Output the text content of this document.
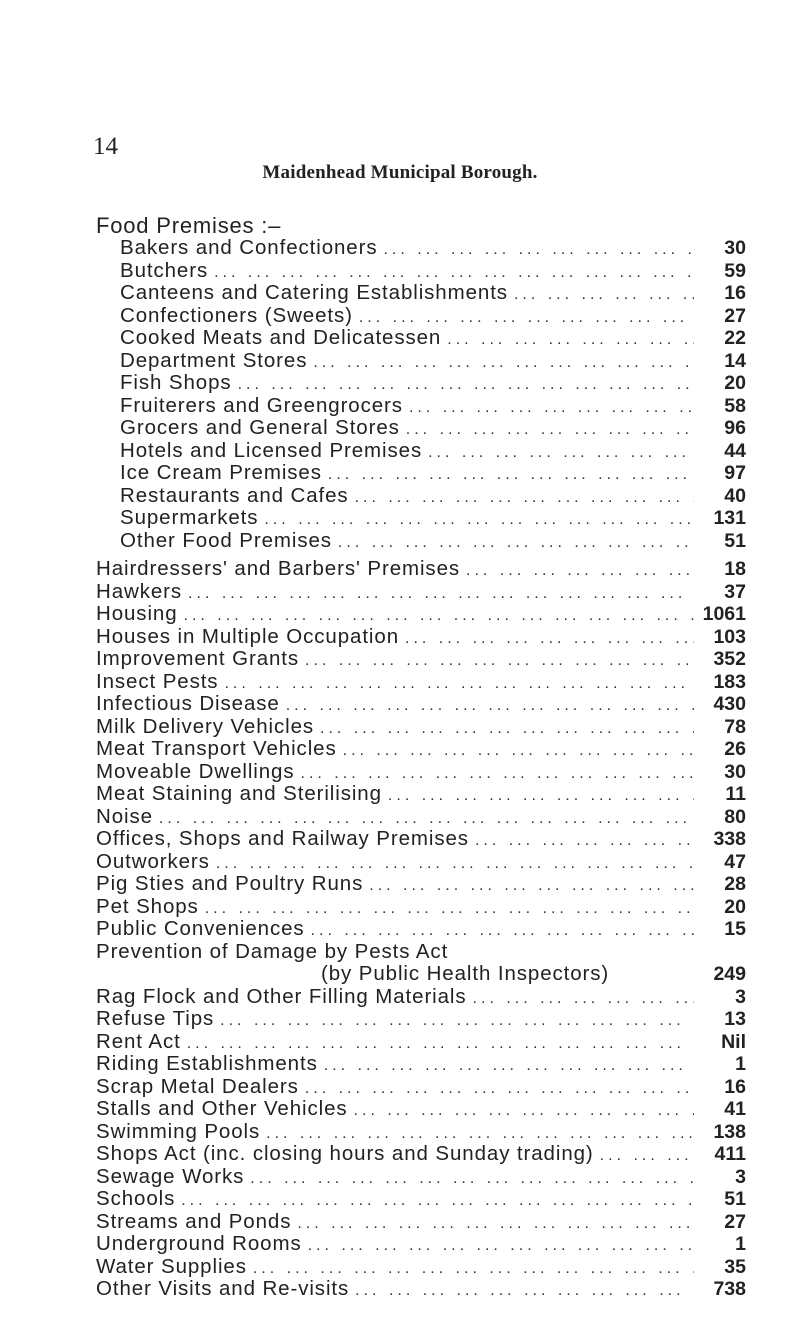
14
Maidenhead Municipal Borough.
Food Premises :–
Bakers and Confectioners ... .	30
Butchers ... .	59
Canteens and Catering Establishments ... .	16
Confectioners (Sweets) ... .	27
Cooked Meats and Delicatessen ... .	22
Department Stores ... .	14
Fish Shops ... .	20
Fruiterers and Greengrocers ... .	58
Grocers and General Stores ... .	96
Hotels and Licensed Premises ... .	44
Ice Cream Premises ... .	97
Restaurants and Cafes ... .	40
Supermarkets ... .	131
Other Food Premises ... .	51
Hairdressers' and Barbers' Premises ... .	18
Hawkers ... .	37
Housing ... .	1061
Houses in Multiple Occupation ... .	103
Improvement Grants ... .	352
Insect Pests ... .	183
Infectious Disease ... .	430
Milk Delivery Vehicles ... .	78
Meat Transport Vehicles ... .	26
Moveable Dwellings ... .	30
Meat Staining and Sterilising ... .	11
Noise ... .	80
Offices, Shops and Railway Premises ... .	338
Outworkers ... .	47
Pig Sties and Poultry Runs ... .	28
Pet Shops ... .	20
Public Conveniences ... .	15
Prevention of Damage by Pests Act
(by Public Health Inspectors)	249
Rag Flock and Other Filling Materials ... .	3
Refuse Tips ... .	13
Rent Act ... .	Nil
Riding Establishments ... .	1
Scrap Metal Dealers ... .	16
Stalls and Other Vehicles ... .	41
Swimming Pools ... .	138
Shops Act (inc. closing hours and Sunday trading) ... .	411
Sewage Works ... .	3
Schools ... .	51
Streams and Ponds ... .	27
Underground Rooms ... .	1
Water Supplies ... .	35
Other Visits and Re-visits ... .	738
